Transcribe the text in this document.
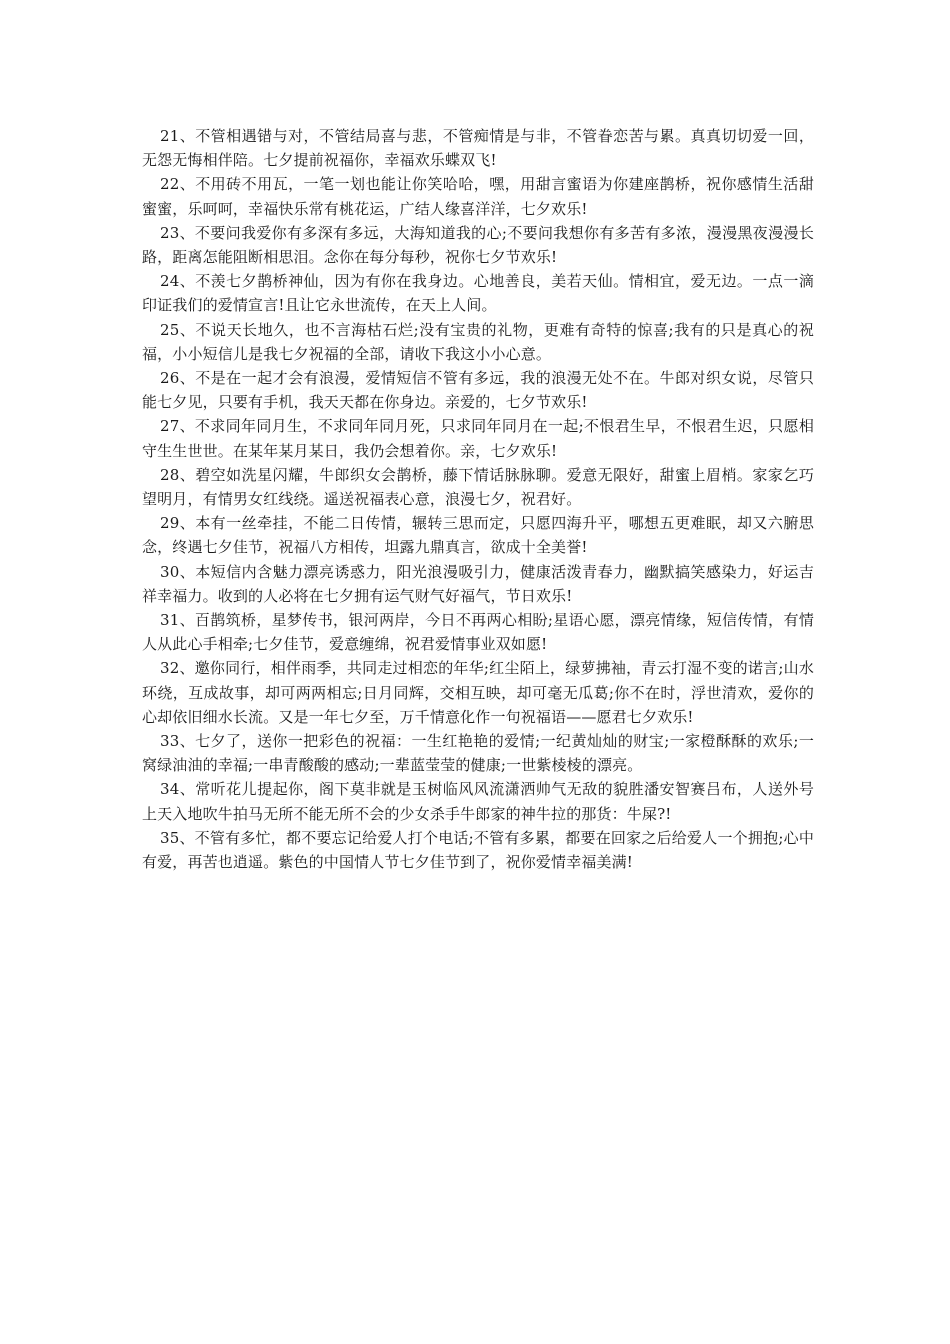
21、不管相遇错与对，不管结局喜与悲，不管痴情是与非，不管眷恋苦与累。真真切切爱一回，无怨无悔相伴陪。七夕提前祝福你，幸福欢乐蝶双飞!

22、不用砖不用瓦，一笔一划也能让你笑哈哈，嘿，用甜言蜜语为你建座鹊桥，祝你感情生活甜蜜蜜，乐呵呵，幸福快乐常有桃花运，广结人缘喜洋洋，七夕欢乐!

23、不要问我爱你有多深有多远，大海知道我的心;不要问我想你有多苦有多浓，漫漫黑夜漫漫长路，距离怎能阻断相思泪。念你在每分每秒，祝你七夕节欢乐!

24、不羡七夕鹊桥神仙，因为有你在我身边。心地善良，美若天仙。情相宜，爱无边。一点一滴印证我们的爱情宣言!且让它永世流传，在天上人间。

25、不说天长地久，也不言海枯石烂;没有宝贵的礼物，更难有奇特的惊喜;我有的只是真心的祝福，小小短信儿是我七夕祝福的全部，请收下我这小小心意。

26、不是在一起才会有浪漫，爱情短信不管有多远，我的浪漫无处不在。牛郎对织女说，尽管只能七夕见，只要有手机，我天天都在你身边。亲爱的，七夕节欢乐!

27、不求同年同月生，不求同年同月死，只求同年同月在一起;不恨君生早，不恨君生迟，只愿相守生生世世。在某年某月某日，我仍会想着你。亲，七夕欢乐!

28、碧空如洗星闪耀，牛郎织女会鹊桥，藤下情话脉脉聊。爱意无限好，甜蜜上眉梢。家家乞巧望明月，有情男女红线绕。遥送祝福表心意，浪漫七夕，祝君好。

29、本有一丝牵挂，不能二日传情，辗转三思而定，只愿四海升平，哪想五更难眠，却又六腑思念，终遇七夕佳节，祝福八方相传，坦露九鼎真言，欲成十全美誉!

30、本短信内含魅力漂亮诱惑力，阳光浪漫吸引力，健康活泼青春力，幽默搞笑感染力，好运吉祥幸福力。收到的人必将在七夕拥有运气财气好福气，节日欢乐!

31、百鹊筑桥，星梦传书，银河两岸，今日不再两心相盼;星语心愿，漂亮情缘，短信传情，有情人从此心手相牵;七夕佳节，爱意缠绵，祝君爱情事业双如愿!

32、邀你同行，相伴雨季，共同走过相恋的年华;红尘陌上，绿萝拂袖，青云打湿不变的诺言;山水环绕，互成故事，却可两两相忘;日月同辉，交相互映，却可毫无瓜葛;你不在时，浮世清欢，爱你的心却依旧细水长流。又是一年七夕至，万千情意化作一句祝福语——愿君七夕欢乐!

33、七夕了，送你一把彩色的祝福：一生红艳艳的爱情;一纪黄灿灿的财宝;一家橙酥酥的欢乐;一窝绿油油的幸福;一串青酸酸的感动;一辈蓝莹莹的健康;一世紫棱棱的漂亮。

34、常听花儿提起你，阁下莫非就是玉树临风风流潇洒帅气无敌的貌胜潘安智赛吕布，人送外号上天入地吹牛拍马无所不能无所不会的少女杀手牛郎家的神牛拉的那货：牛屎?!

35、不管有多忙，都不要忘记给爱人打个电话;不管有多累，都要在回家之后给爱人一个拥抱;心中有爱，再苦也逍遥。紫色的中国情人节七夕佳节到了，祝你爱情幸福美满!
